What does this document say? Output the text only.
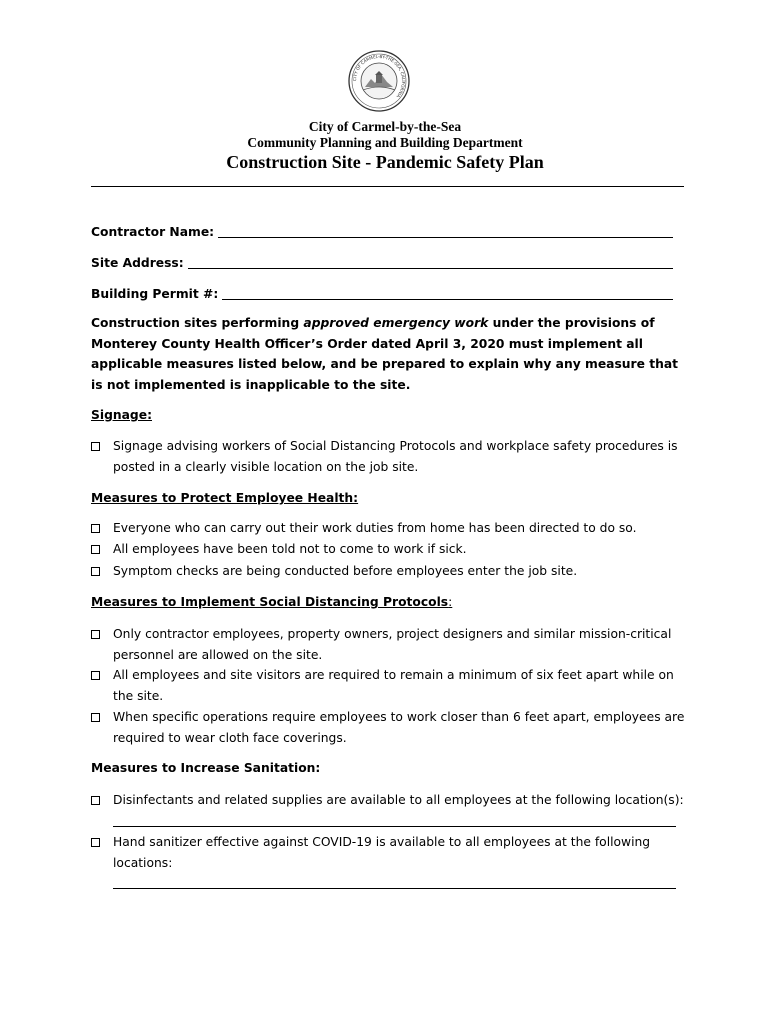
CITY OF CARMEL-BY-THE-SEA, CALIFORNIA
City of Carmel-by-the-Sea
Community Planning and Building Department
Construction Site - Pandemic Safety Plan
Contractor Name:
Site Address:
Building Permit #:
Construction sites performing approved emergency work under the provisions of Monterey County Health Officer’s Order dated April 3, 2020 must implement all applicable measures listed below, and be prepared to explain why any measure that is not implemented is inapplicable to the site.
Signage:
Signage advising workers of Social Distancing Protocols and workplace safety procedures is posted in a clearly visible location on the job site.
Measures to Protect Employee Health:
Everyone who can carry out their work duties from home has been directed to do so.
All employees have been told not to come to work if sick.
Symptom checks are being conducted before employees enter the job site.
Measures to Implement Social Distancing Protocols:
Only contractor employees, property owners, project designers and similar mission-critical personnel are allowed on the site.
All employees and site visitors are required to remain a minimum of six feet apart while on the site.
When specific operations require employees to work closer than 6 feet apart, employees are required to wear cloth face coverings.
Measures to Increase Sanitation:
Disinfectants and related supplies are available to all employees at the following location(s):
Hand sanitizer effective against COVID-19 is available to all employees at the following locations:
